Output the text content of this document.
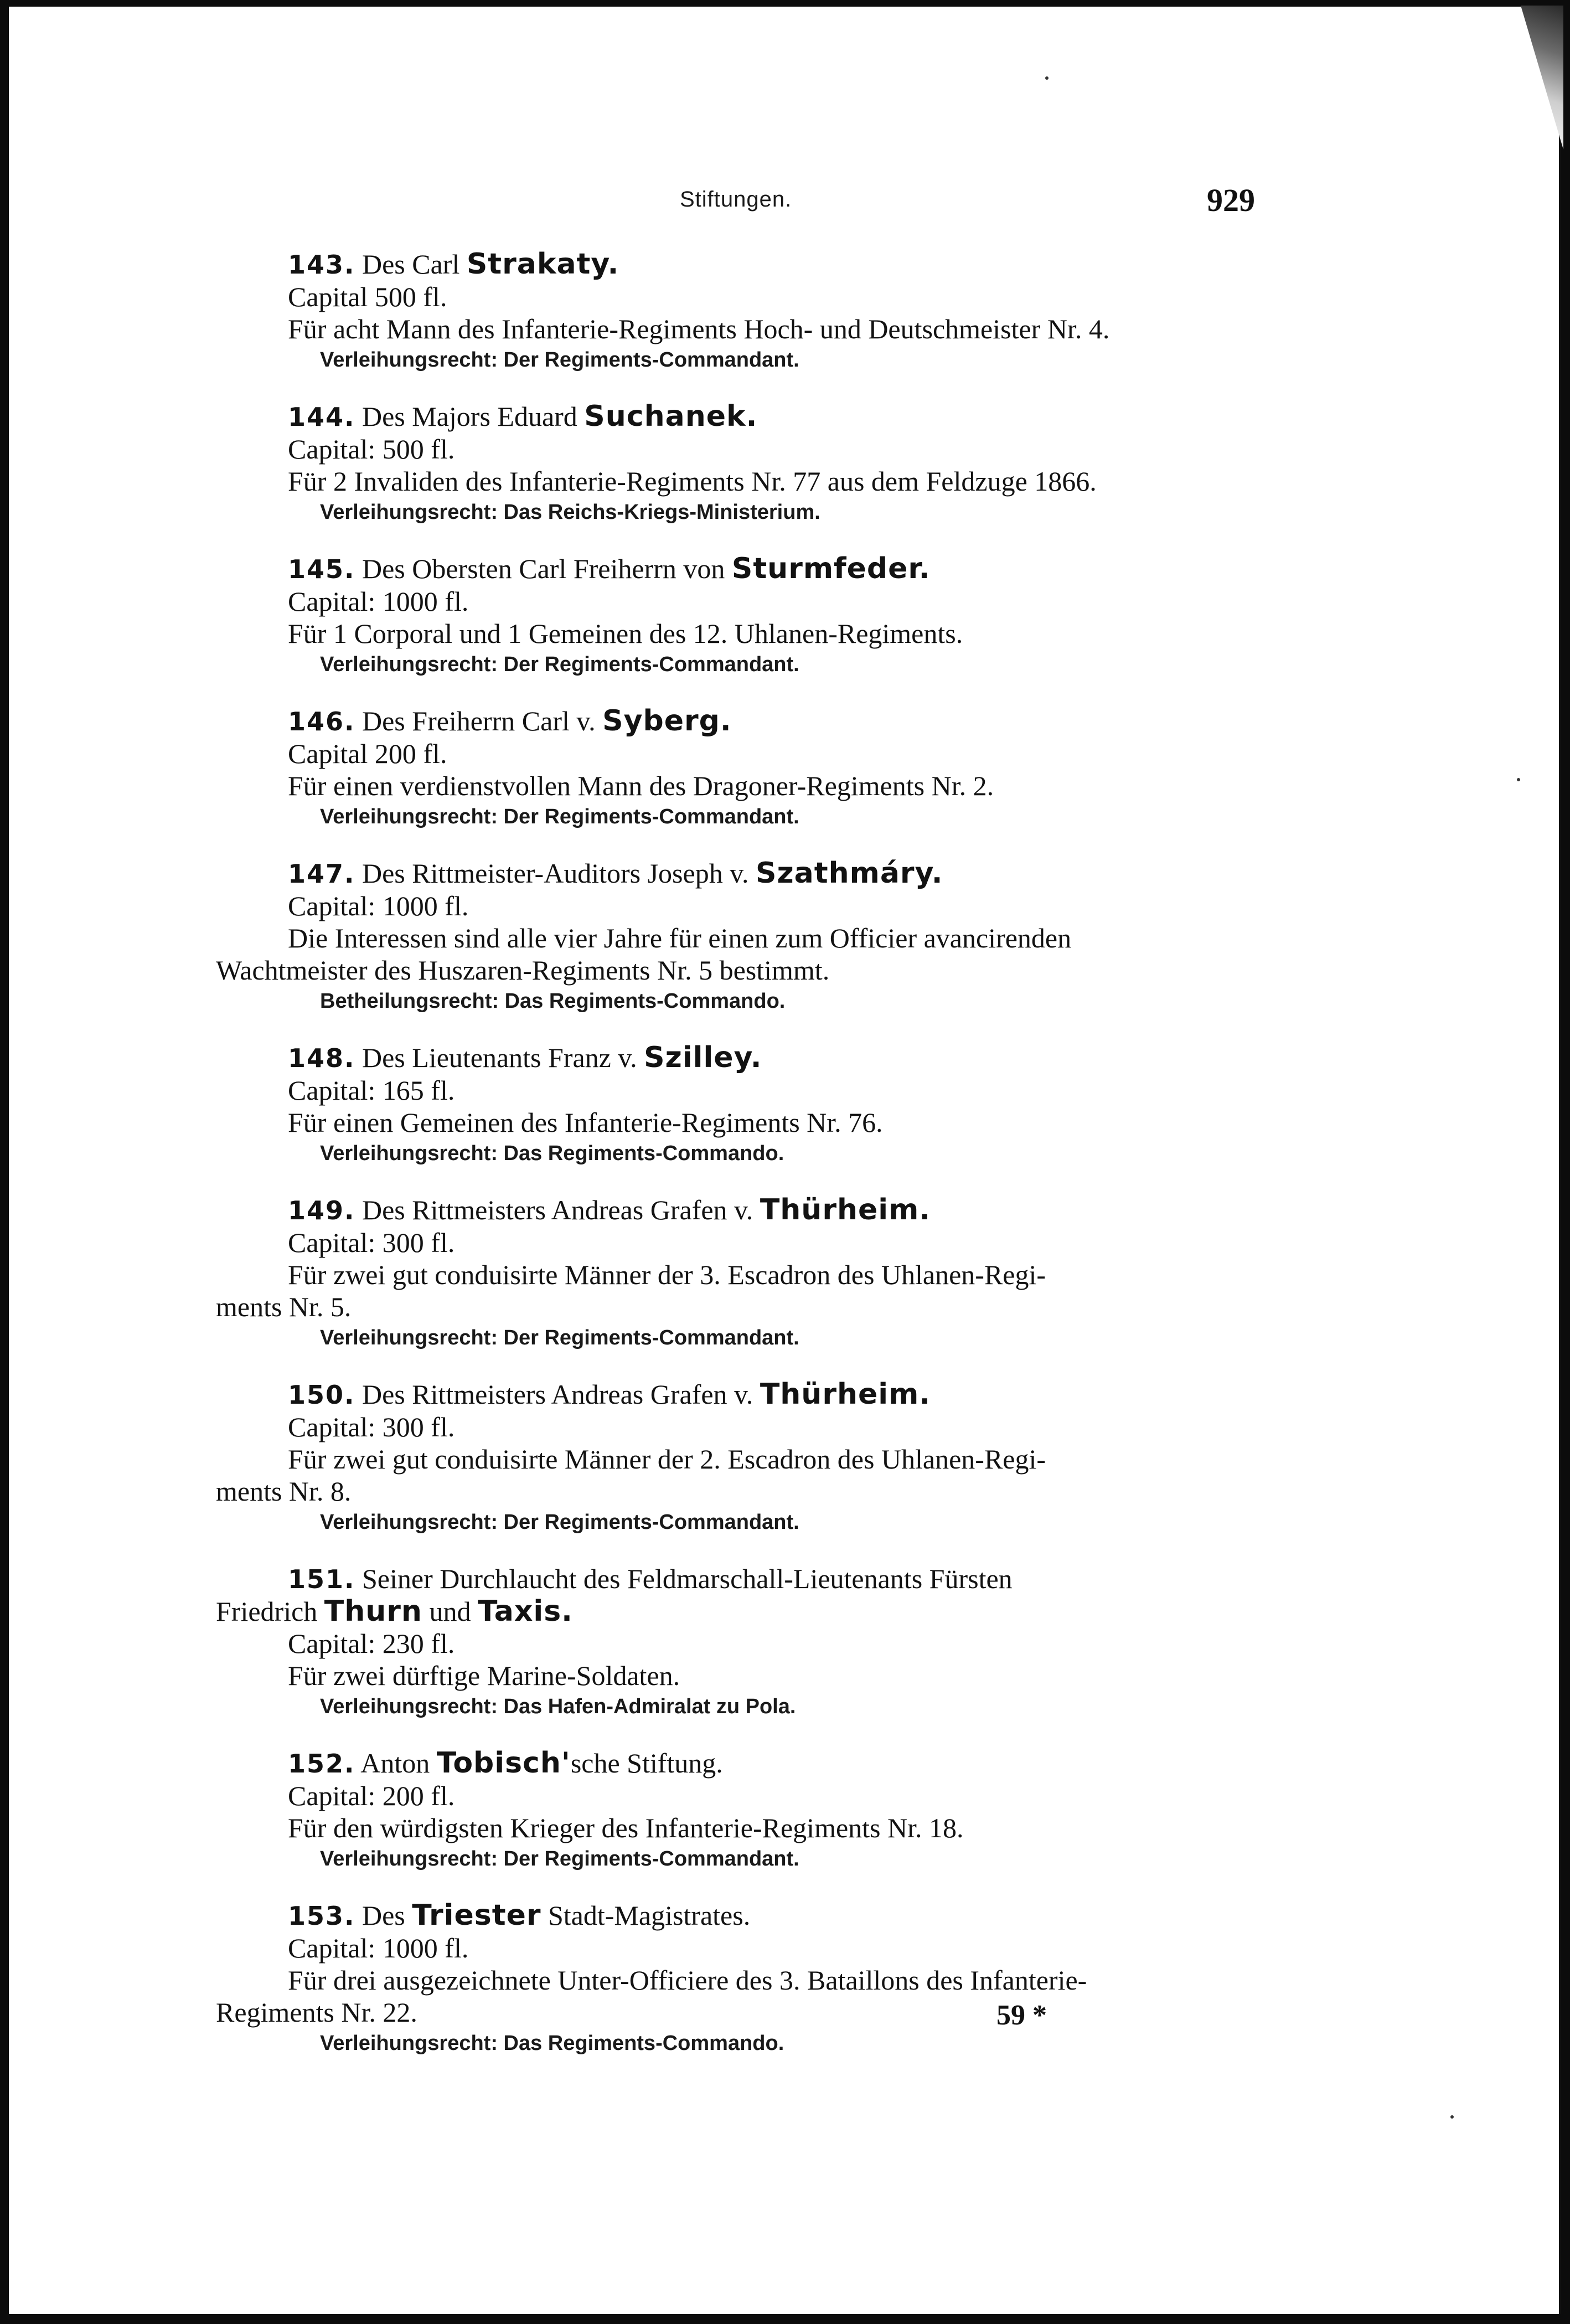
Stiftungen.	929

143. Des Carl Strakaty.

Capital 500 fl.

Für acht Mann des Infanterie-Regiments Hoch- und Deutschmeister Nr. 4.

Verleihungsrecht: Der Regiments-Commandant.

144. Des Majors Eduard Suchanek.

Capital: 500 fl.

Für 2 Invaliden des Infanterie-Regiments Nr. 77 aus dem Feldzuge 1866.

Verleihungsrecht: Das Reichs-Kriegs-Ministerium.

145. Des Obersten Carl Freiherrn von Sturmfeder.

Capital: 1000 fl.

Für 1 Corporal und 1 Gemeinen des 12. Uhlanen-Regiments.

Verleihungsrecht: Der Regiments-Commandant.

146. Des Freiherrn Carl v. Syberg.

Capital 200 fl.

Für einen verdienstvollen Mann des Dragoner-Regiments Nr. 2.

Verleihungsrecht: Der Regiments-Commandant.

147. Des Rittmeister-Auditors Joseph v. Szathmáry.

Capital: 1000 fl.

Die Interessen sind alle vier Jahre für einen zum Officier avancirenden
Wachtmeister des Huszaren-Regiments Nr. 5 bestimmt.

Betheilungsrecht: Das Regiments-Commando.

148. Des Lieutenants Franz v. Szilley.

Capital: 165 fl.

Für einen Gemeinen des Infanterie-Regiments Nr. 76.

Verleihungsrecht: Das Regiments-Commando.

149. Des Rittmeisters Andreas Grafen v. Thürheim.

Capital: 300 fl.

Für zwei gut conduisirte Männer der 3. Escadron des Uhlanen-Regi-
ments Nr. 5.

Verleihungsrecht: Der Regiments-Commandant.

150. Des Rittmeisters Andreas Grafen v. Thürheim.

Capital: 300 fl.

Für zwei gut conduisirte Männer der 2. Escadron des Uhlanen-Regi-
ments Nr. 8.

Verleihungsrecht: Der Regiments-Commandant.

151. Seiner Durchlaucht des Feldmarschall-Lieutenants Fürsten
Friedrich Thurn und Taxis.

Capital: 230 fl.

Für zwei dürftige Marine-Soldaten.

Verleihungsrecht: Das Hafen-Admiralat zu Pola.

152. Anton Tobisch'sche Stiftung.

Capital: 200 fl.

Für den würdigsten Krieger des Infanterie-Regiments Nr. 18.

Verleihungsrecht: Der Regiments-Commandant.

153. Des Triester Stadt-Magistrates.

Capital: 1000 fl.

Für drei ausgezeichnete Unter-Officiere des 3. Bataillons des Infanterie-
Regiments Nr. 22.

Verleihungsrecht: Das Regiments-Commando.

59 *
